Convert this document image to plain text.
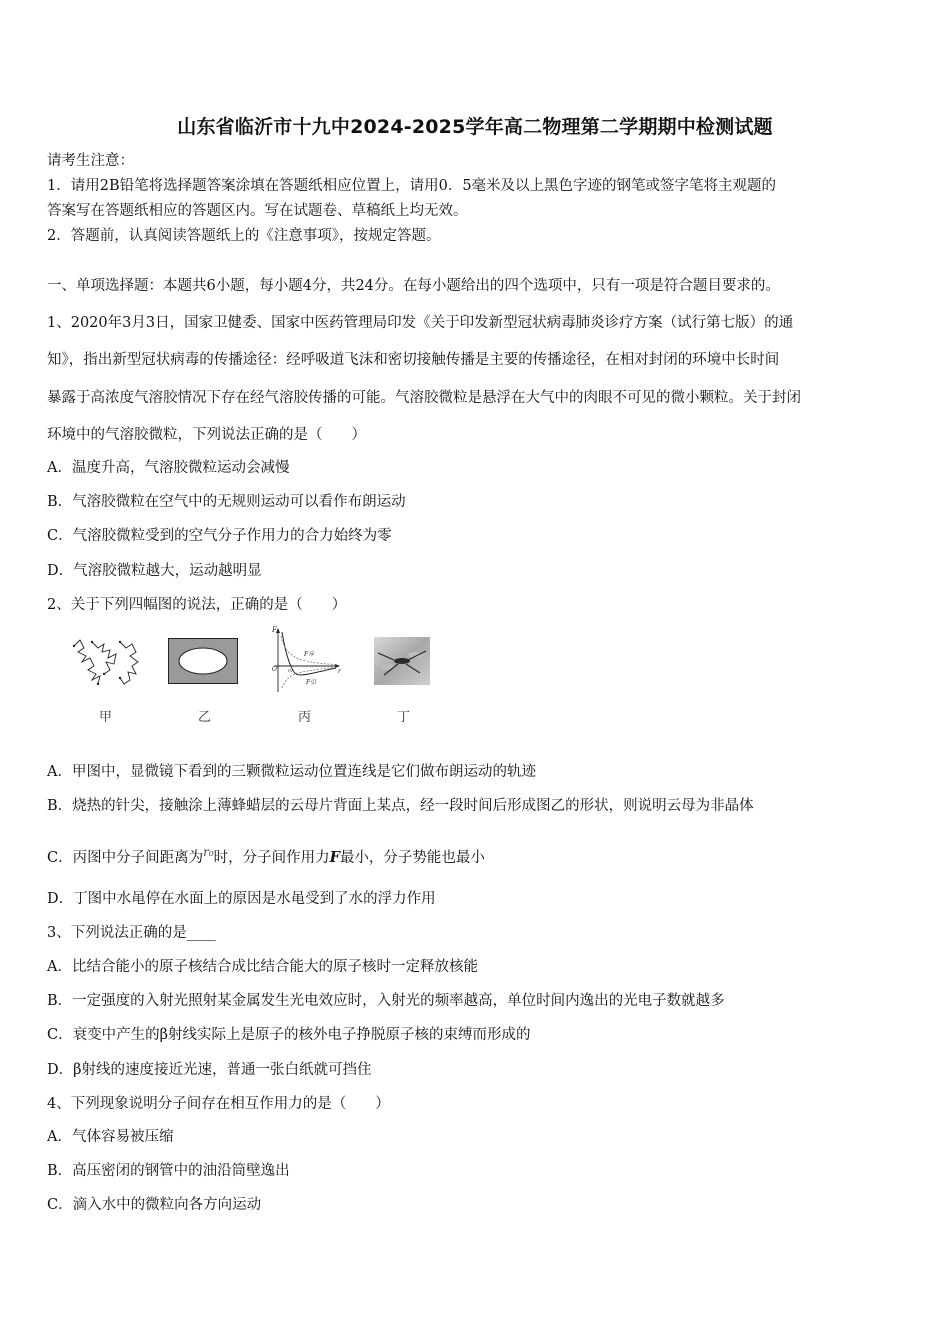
山东省临沂市十九中2024-2025学年高二物理第二学期期中检测试题
请考生注意：
1．请用2B铅笔将选择题答案涂填在答题纸相应位置上，请用0．5毫米及以上黑色字迹的钢笔或签字笔将主观题的
答案写在答题纸相应的答题区内。写在试题卷、草稿纸上均无效。
2．答题前，认真阅读答题纸上的《注意事项》，按规定答题。
一、单项选择题：本题共6小题，每小题4分，共24分。在每小题给出的四个选项中，只有一项是符合题目要求的。
1、2020年3月3日，国家卫健委、国家中医药管理局印发《关于印发新型冠状病毒肺炎诊疗方案（试行第七版）的通
知》，指出新型冠状病毒的传播途径：经呼吸道飞沫和密切接触传播是主要的传播途径，在相对封闭的环境中长时间
暴露于高浓度气溶胶情况下存在经气溶胶传播的可能。气溶胶微粒是悬浮在大气中的肉眼不可见的微小颗粒。关于封闭
环境中的气溶胶微粒，下列说法正确的是（　　）
A．温度升高，气溶胶微粒运动会减慢
B．气溶胶微粒在空气中的无规则运动可以看作布朗运动
C．气溶胶微粒受到的空气分子作用力的合力始终为零
D．气溶胶微粒越大，运动越明显
2、关于下列四幅图的说法，正确的是（　　）
F
O	r
r₀
F斥
F引
甲	乙	丙	丁
A．甲图中，显微镜下看到的三颗微粒运动位置连线是它们做布朗运动的轨迹
B．烧热的针尖，接触涂上薄蜂蜡层的云母片背面上某点，经一段时间后形成图乙的形状，则说明云母为非晶体
C．丙图中分子间距离为$^{r_0}$时，分子间作用力F最小，分子势能也最小
D．丁图中水黾停在水面上的原因是水黾受到了水的浮力作用
3、下列说法正确的是____
A．比结合能小的原子核结合成比结合能大的原子核时一定释放核能
B．一定强度的入射光照射某金属发生光电效应时，入射光的频率越高，单位时间内逸出的光电子数就越多
C．衰变中产生的β射线实际上是原子的核外电子挣脱原子核的束缚而形成的
D．β射线的速度接近光速，普通一张白纸就可挡住
4、下列现象说明分子间存在相互作用力的是（　　）
A．气体容易被压缩
B．高压密闭的钢管中的油沿筒壁逸出
C．滴入水中的微粒向各方向运动
